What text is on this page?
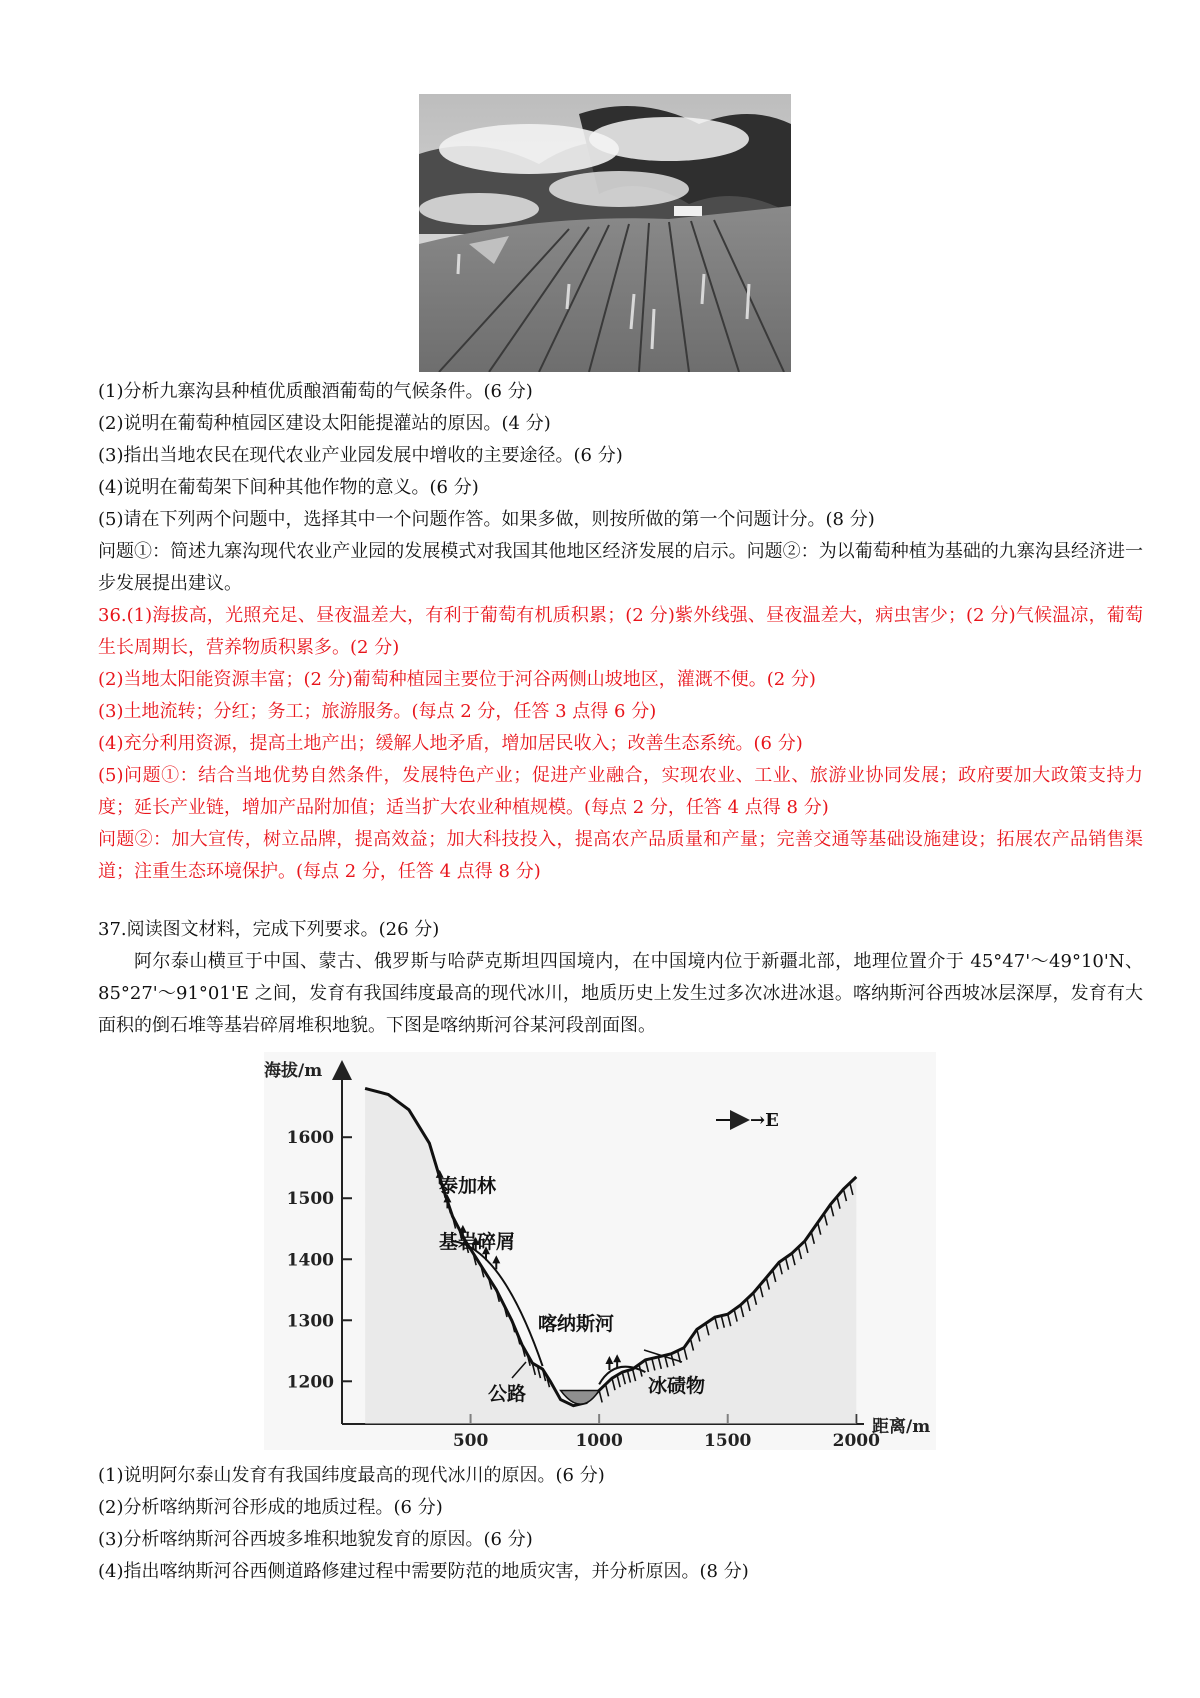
(1)分析九寨沟县种植优质酿酒葡萄的气候条件。(6 分)
(2)说明在葡萄种植园区建设太阳能提灌站的原因。(4 分)
(3)指出当地农民在现代农业产业园发展中增收的主要途径。(6 分)
(4)说明在葡萄架下间种其他作物的意义。(6 分)
(5)请在下列两个问题中，选择其中一个问题作答。如果多做，则按所做的第一个问题计分。(8 分)
问题①：简述九寨沟现代农业产业园的发展模式对我国其他地区经济发展的启示。问题②：为以葡萄种植为基础的九寨沟县经济进一步发展提出建议。
36.(1)海拔高，光照充足、昼夜温差大，有利于葡萄有机质积累；(2 分)紫外线强、昼夜温差大，病虫害少；(2 分)气候温凉，葡萄生长周期长，营养物质积累多。(2 分)
(2)当地太阳能资源丰富；(2 分)葡萄种植园主要位于河谷两侧山坡地区，灌溉不便。(2 分)
(3)土地流转；分红；务工；旅游服务。(每点 2 分，任答 3 点得 6 分)
(4)充分利用资源，提高土地产出；缓解人地矛盾，增加居民收入；改善生态系统。(6 分)
(5)问题①：结合当地优势自然条件，发展特色产业；促进产业融合，实现农业、工业、旅游业协同发展；政府要加大政策支持力度；延长产业链，增加产品附加值；适当扩大农业种植规模。(每点 2 分，任答 4 点得 8 分)
问题②：加大宣传，树立品牌，提高效益；加大科技投入，提高农产品质量和产量；完善交通等基础设施建设；拓展农产品销售渠道；注重生态环境保护。(每点 2 分，任答 4 点得 8 分)
37.阅读图文材料，完成下列要求。(26 分)
阿尔泰山横亘于中国、蒙古、俄罗斯与哈萨克斯坦四国境内，在中国境内位于新疆北部，地理位置介于 45°47'～49°10'N、85°27'～91°01'E 之间，发育有我国纬度最高的现代冰川，地质历史上发生过多次冰进冰退。喀纳斯河谷西坡冰层深厚，发育有大面积的倒石堆等基岩碎屑堆积地貌。下图是喀纳斯河谷某河段剖面图。
海拔/m
距离/m
1200
1300
1400
1500
1600
500	1000	1500	2000
泰加林
基岩碎屑
喀纳斯河
公路	冰碛物
→E
(1)说明阿尔泰山发育有我国纬度最高的现代冰川的原因。(6 分)
(2)分析喀纳斯河谷形成的地质过程。(6 分)
(3)分析喀纳斯河谷西坡多堆积地貌发育的原因。(6 分)
(4)指出喀纳斯河谷西侧道路修建过程中需要防范的地质灾害，并分析原因。(8 分)
